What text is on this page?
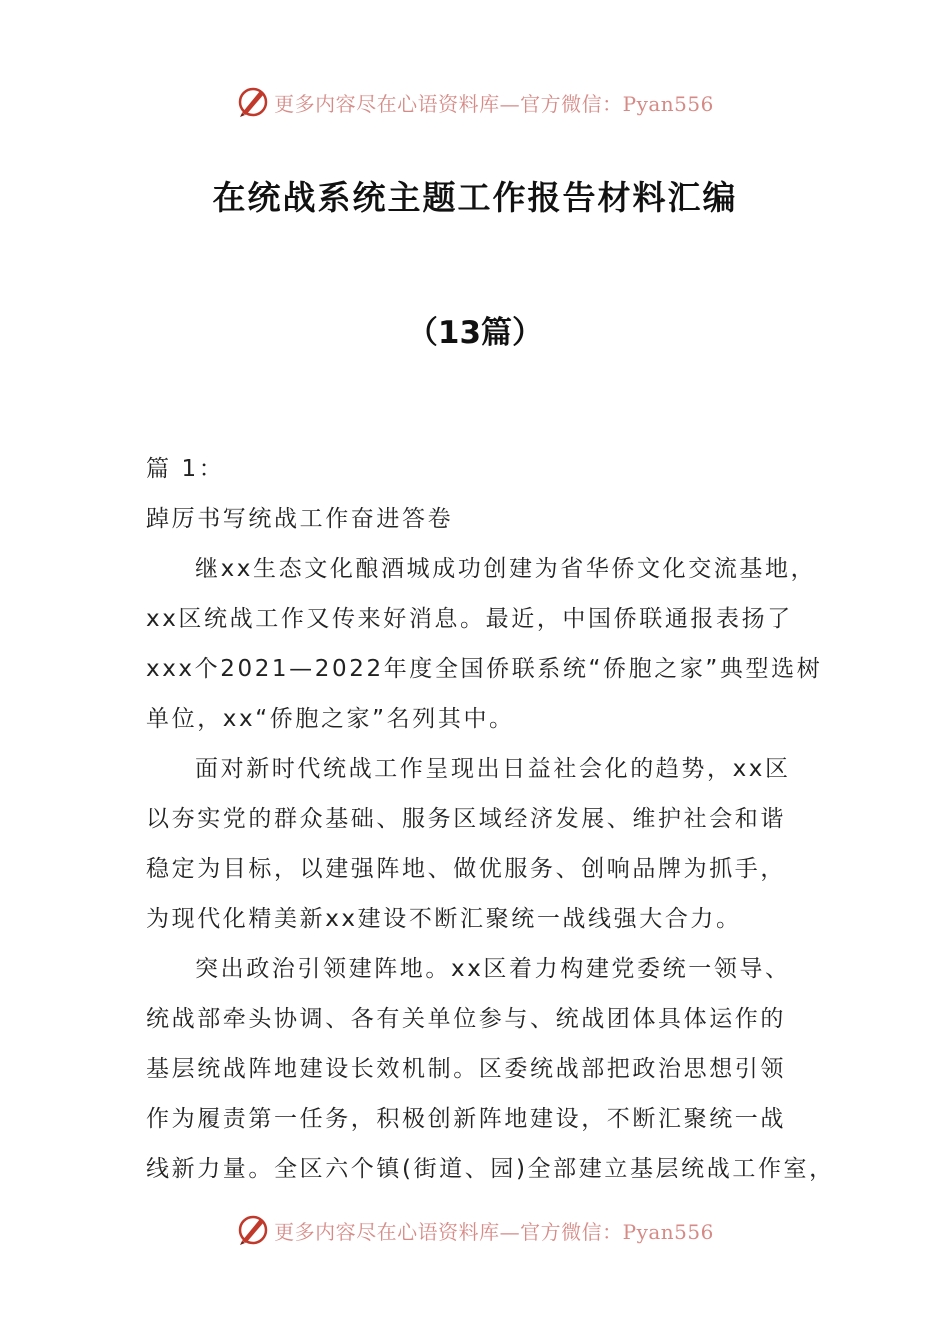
更多内容尽在心语资料库—官方微信：Pyan556
在统战系统主题工作报告材料汇编
（13篇）
篇 1：
踔厉书写统战工作奋进答卷
继xx生态文化酿酒城成功创建为省华侨文化交流基地，
xx区统战工作又传来好消息。最近，中国侨联通报表扬了
xxx个2021—2022年度全国侨联系统“侨胞之家”典型选树
单位，xx“侨胞之家”名列其中。
面对新时代统战工作呈现出日益社会化的趋势，xx区
以夯实党的群众基础、服务区域经济发展、维护社会和谐
稳定为目标，以建强阵地、做优服务、创响品牌为抓手，
为现代化精美新xx建设不断汇聚统一战线强大合力。
突出政治引领建阵地。xx区着力构建党委统一领导、
统战部牵头协调、各有关单位参与、统战团体具体运作的
基层统战阵地建设长效机制。区委统战部把政治思想引领
作为履责第一任务，积极创新阵地建设，不断汇聚统一战
线新力量。全区六个镇(街道、园)全部建立基层统战工作室，
更多内容尽在心语资料库—官方微信：Pyan556
